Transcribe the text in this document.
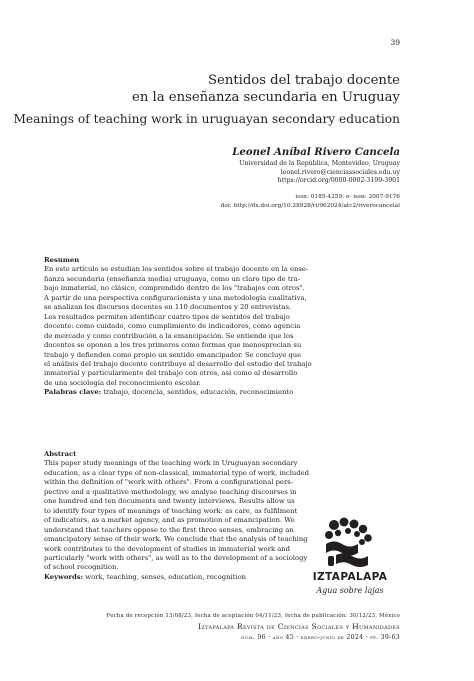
39
Sentidos del trabajo docente
en la enseñanza secundaria en Uruguay
Meanings of teaching work in uruguayan secondary education
Leonel Aníbal Rivero Cancela
Universidad de la República, Montevideo, Uruguay
leonel.rivero@cienciassociales.edu.uy
https://orcid.org/0000-0002-3199-3901
issn: 0185-4259; e- issn: 2007-9176
doi: http://dx.doi.org/10.28928/ri/962024/atc2/riverocancelal
Resumen
En este artículo se estudian los sentidos sobre el trabajo docente en la ense-
ñanza secundaria (enseñanza media) uruguaya, como un claro tipo de tra-
bajo inmaterial, no clásico, comprendido dentro de los "trabajos con otros".
A partir de una perspectiva configuracionista y una metodología cualitativa,
se analizan los discursos docentes en 110 documentos y 20 entrevistas.
Los resultados permiten identificar cuatro tipos de sentidos del trabajo
docente: como cuidado, como cumplimiento de indicadores, como agencia
de mercado y como contribución a la emancipación. Se entiende que los
docentes se oponen a los tres primeros como formas que menosprecian su
trabajo y defienden como propio un sentido emancipador. Se concluye que
el análisis del trabajo docente contribuye al desarrollo del estudio del trabajo
inmaterial y particularmente del trabajo con otros, así como al desarrollo
de una sociología del reconocimiento escolar.
Palabras clave: trabajo, docencia, sentidos, educación, reconocimiento
Abstract
This paper study meanings of the teaching work in Uruguayan secondary
education, as a clear type of non-classical, immaterial type of work, included
within the definition of "work with others". From a configurational pers-
pective and a qualitative methodology, we analyse teaching discourses in
one hundred and ten documents and twenty interviews. Results allow us
to identify four types of meanings of teaching work: as care, as fulfilment
of indicators, as a market agency, and as promotion of emancipation. We
understand that teachers oppose to the first three senses, embracing an
emancipatory sense of their work. We conclude that the analysis of teaching
work contributes to the development of studies in immaterial work and
particularly "work with others", as well as to the development of a sociology
of school recognition.
Keywords: work, teaching, senses, education, recognition	IZTAPALAPA
Agua sobre lajas
Fecha de recepción 13/08/23, fecha de aceptación 04/11/23, fecha de publicación: 30/12/23, México
Iztapalapa Revista de Ciencias Sociales y Humanidades
núm. 96 · año 45 · enero-junio de 2024 · pp. 39-63
